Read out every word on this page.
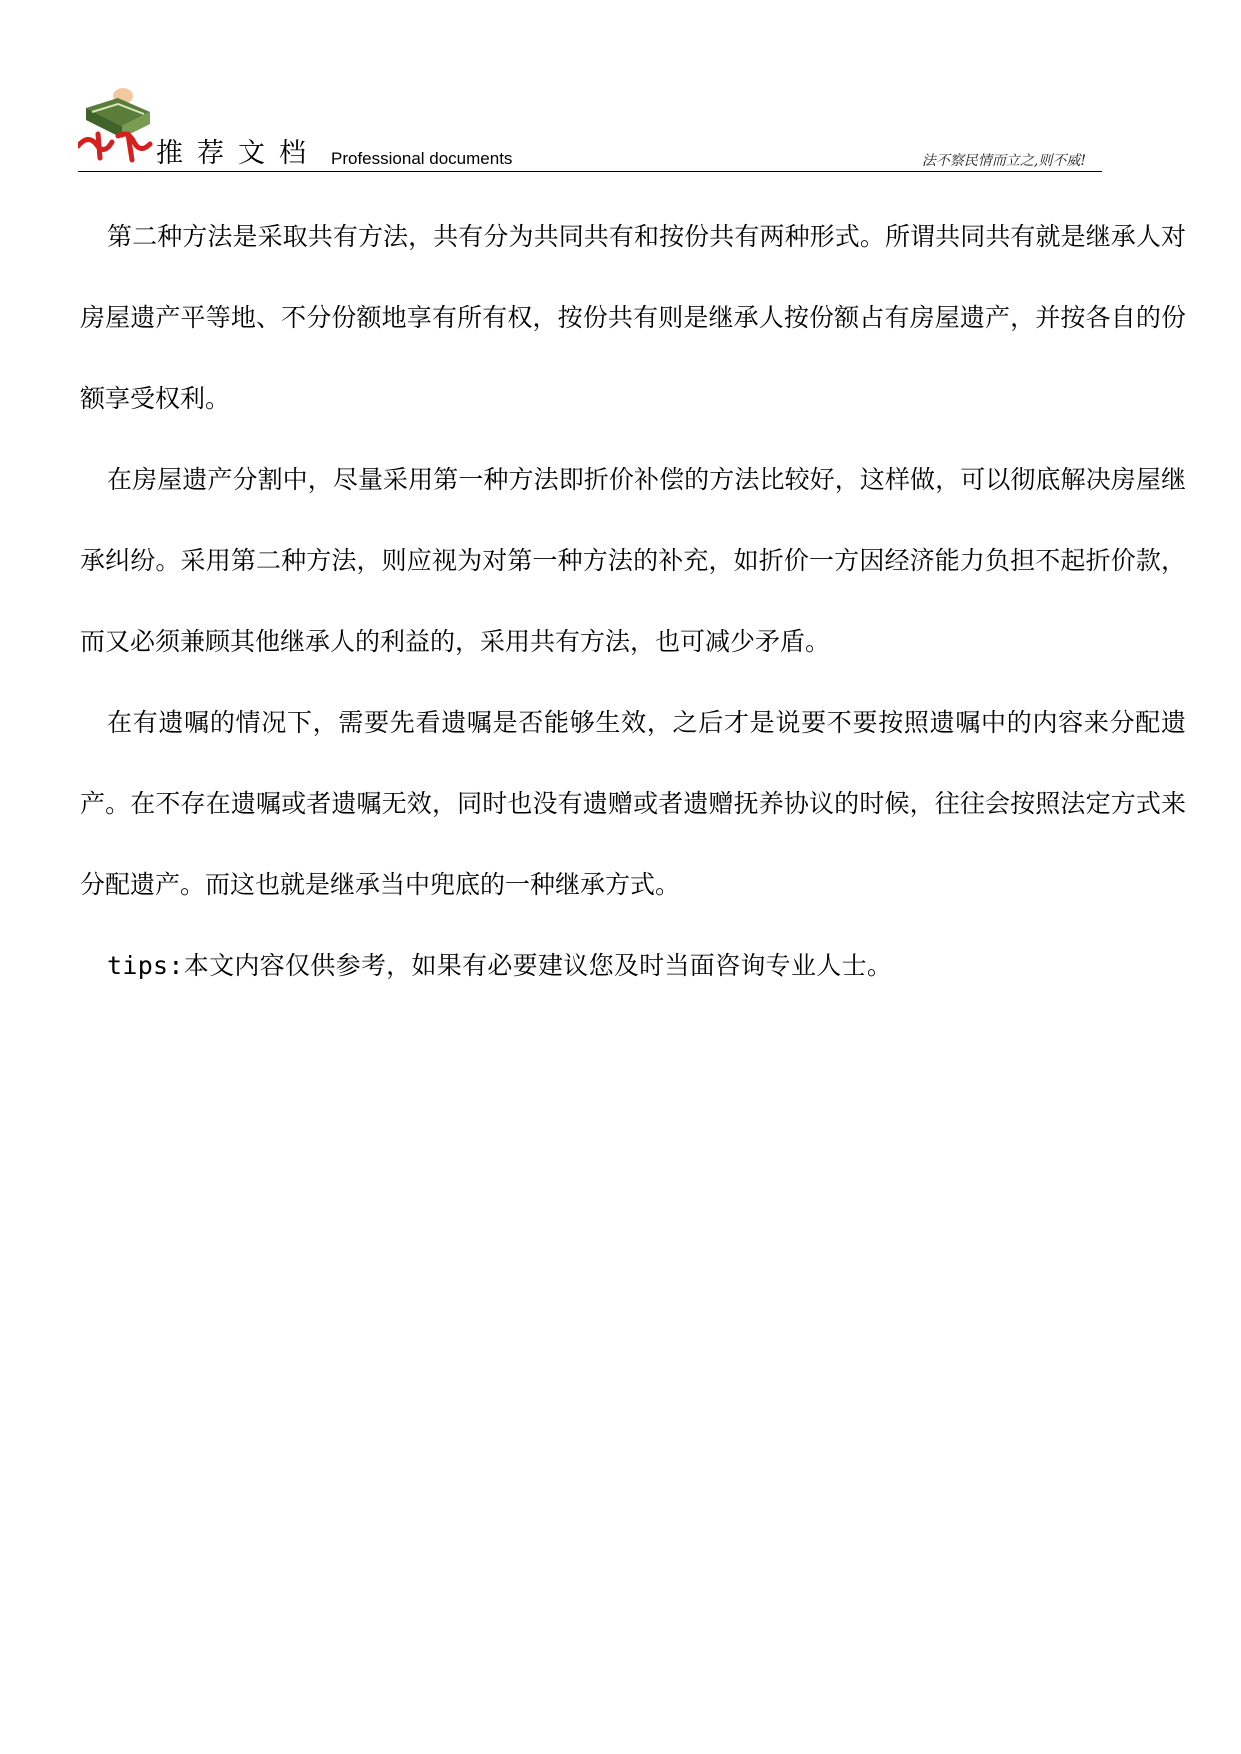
知识
推荐文档 Professional documents	法不察民情而立之,则不威!

第二种方法是采取共有方法，共有分为共同共有和按份共有两种形式。所谓共同共有就是继承人对房屋遗产平等地、不分份额地享有所有权，按份共有则是继承人按份额占有房屋遗产，并按各自的份额享受权利。

在房屋遗产分割中，尽量采用第一种方法即折价补偿的方法比较好，这样做，可以彻底解决房屋继承纠纷。采用第二种方法，则应视为对第一种方法的补充，如折价一方因经济能力负担不起折价款，而又必须兼顾其他继承人的利益的，采用共有方法，也可减少矛盾。

在有遗嘱的情况下，需要先看遗嘱是否能够生效，之后才是说要不要按照遗嘱中的内容来分配遗产。在不存在遗嘱或者遗嘱无效，同时也没有遗赠或者遗赠抚养协议的时候，往往会按照法定方式来分配遗产。而这也就是继承当中兜底的一种继承方式。

tips:本文内容仅供参考，如果有必要建议您及时当面咨询专业人士。
